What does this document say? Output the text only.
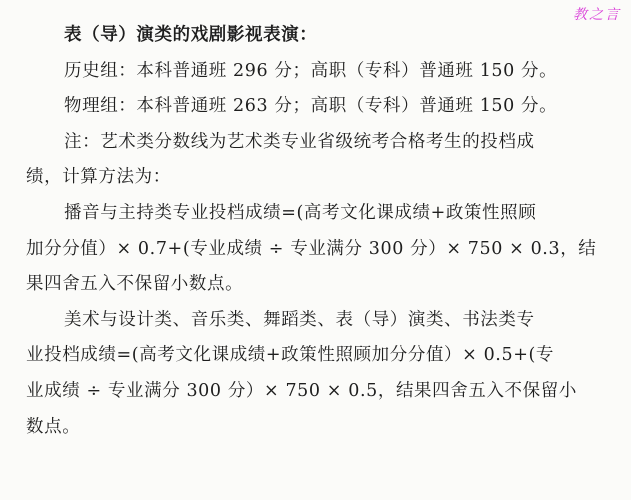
教之言
表（导）演类的戏剧影视表演：
历史组：本科普通班 296 分；高职（专科）普通班 150 分。
物理组：本科普通班 263 分；高职（专科）普通班 150 分。
注：艺术类分数线为艺术类专业省级统考合格考生的投档成
绩，计算方法为：
播音与主持类专业投档成绩=(高考文化课成绩+政策性照顾
加分分值）× 0.7+(专业成绩 ÷ 专业满分 300 分）× 750 × 0.3，结
果四舍五入不保留小数点。
美术与设计类、音乐类、舞蹈类、表（导）演类、书法类专
业投档成绩=(高考文化课成绩+政策性照顾加分分值）× 0.5+(专
业成绩 ÷ 专业满分 300 分）× 750 × 0.5，结果四舍五入不保留小
数点。
